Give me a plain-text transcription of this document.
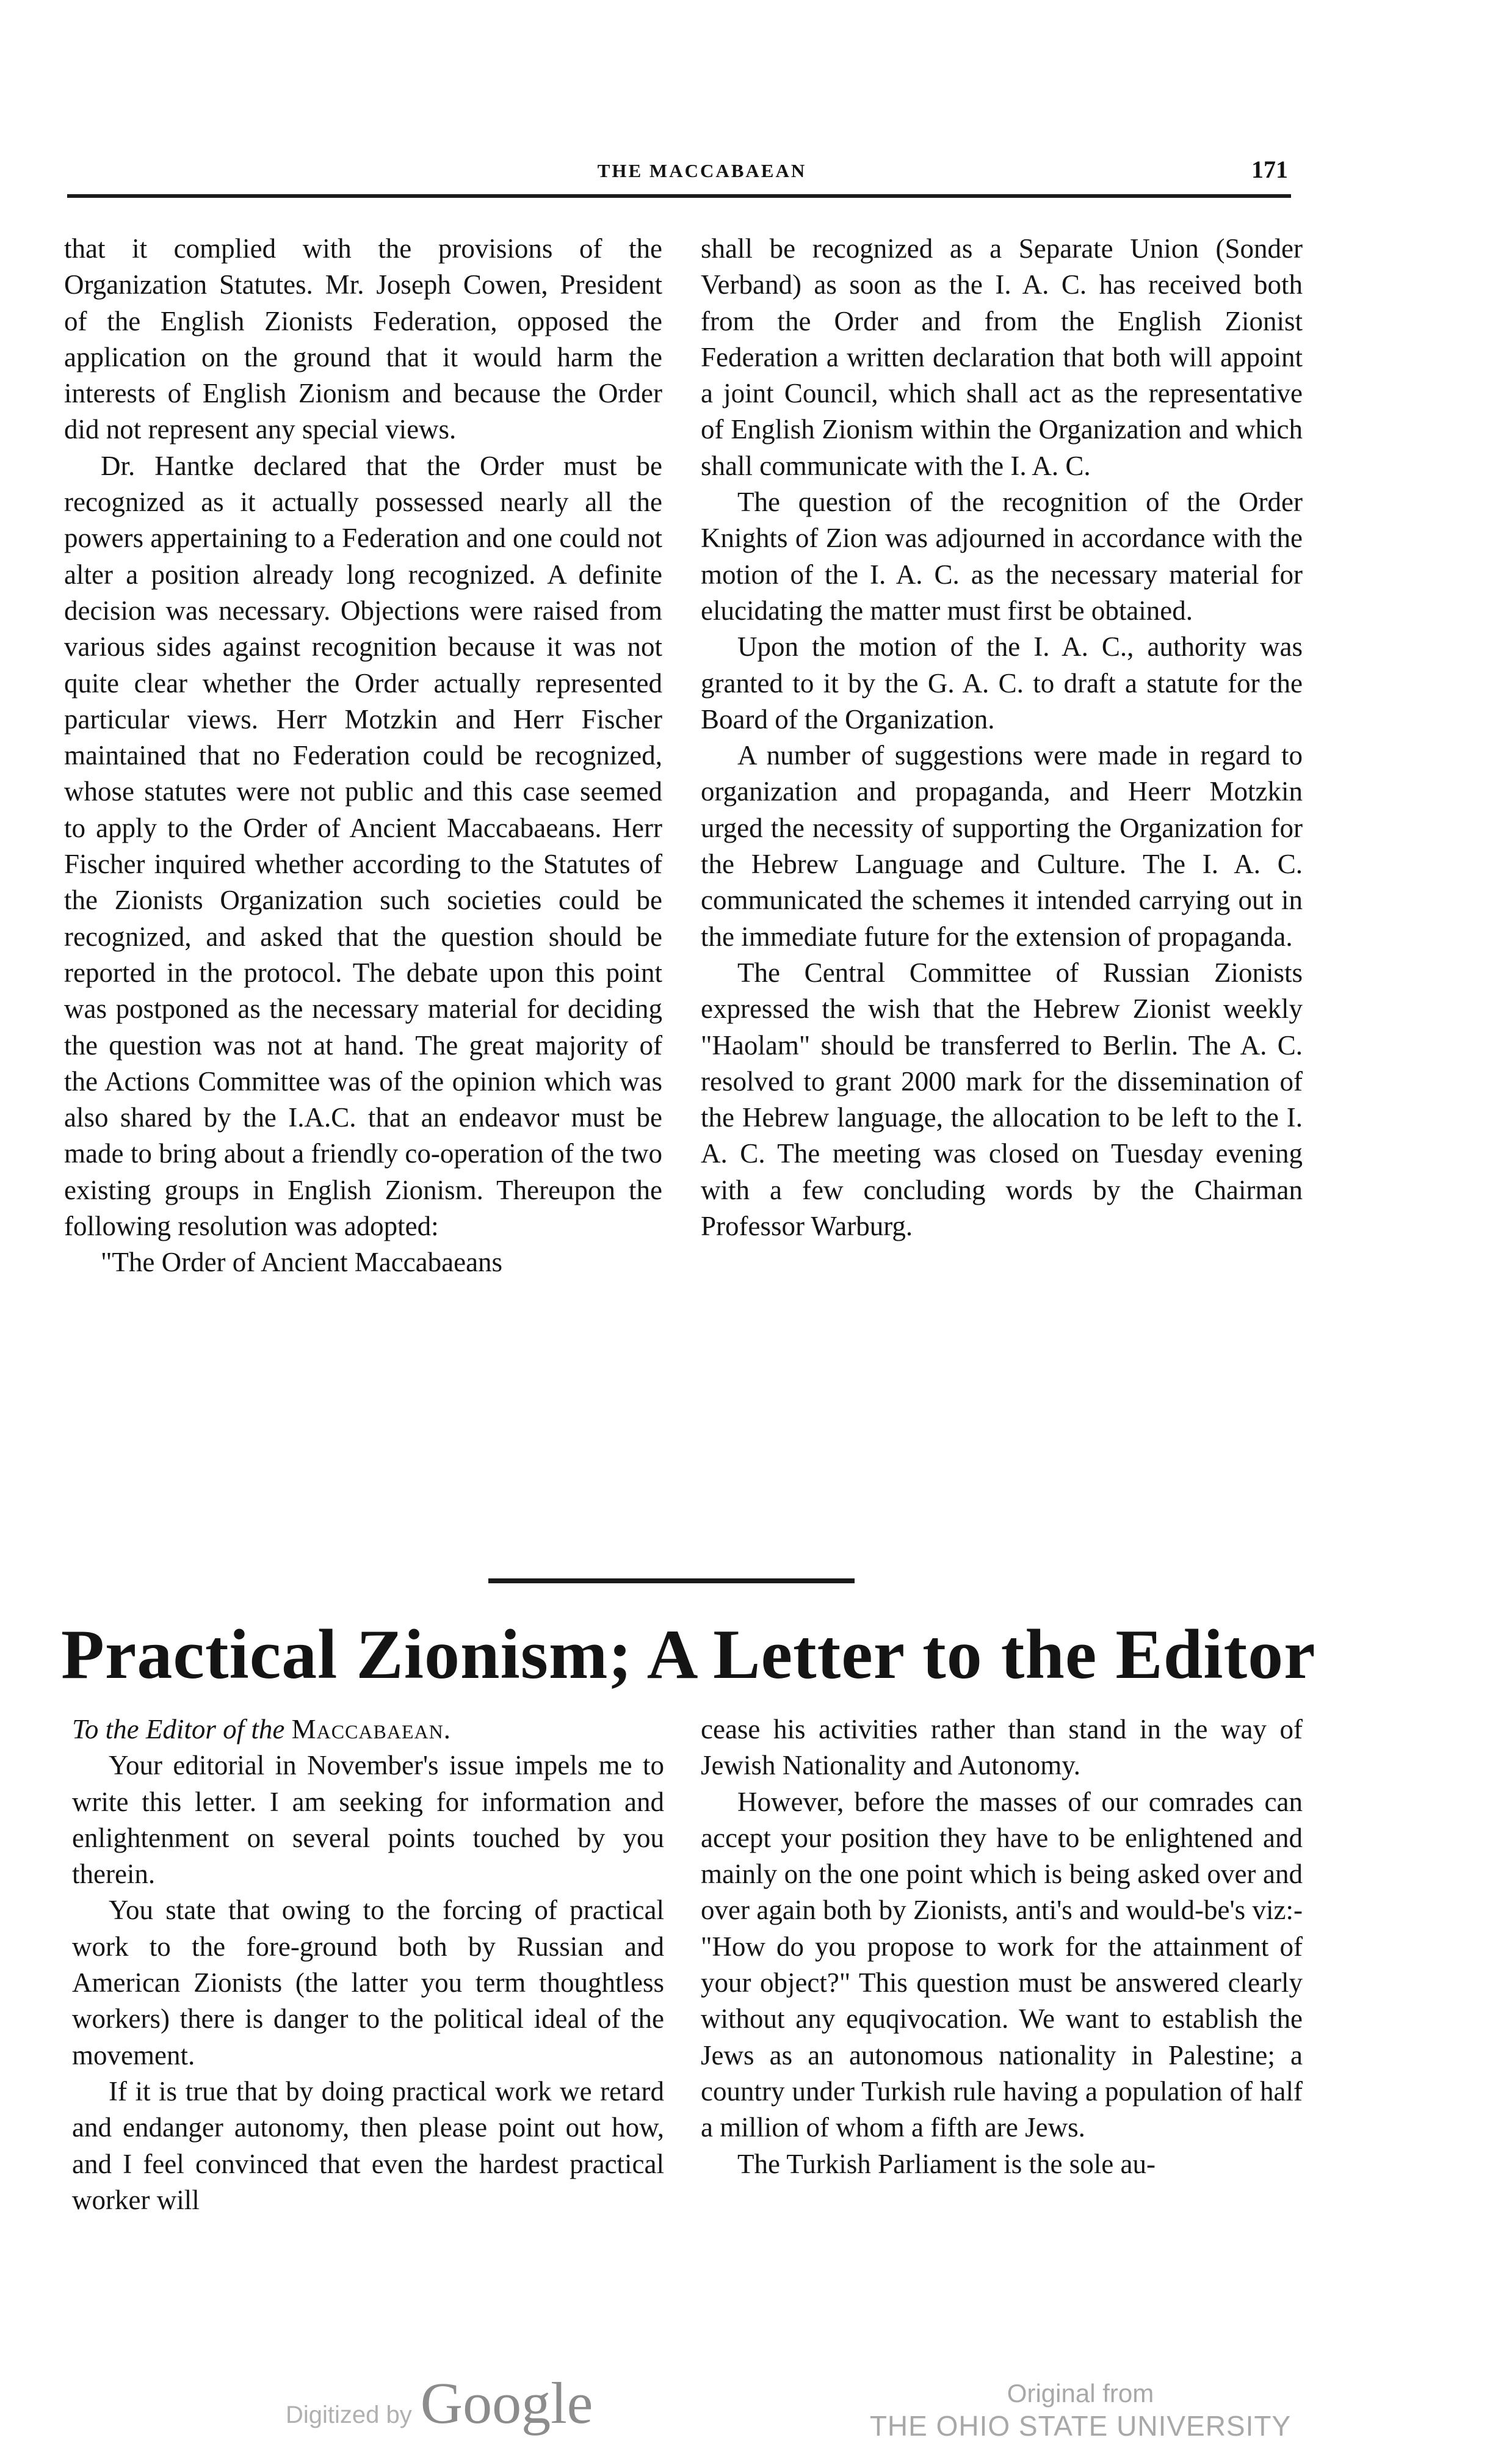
THE MACCABAEAN	171

that it complied with the provisions of the Organization Statutes. Mr. Joseph Cowen, President of the English Zionists Federation, opposed the application on the ground that it would harm the interests of English Zionism and because the Order did not represent any special views.

Dr. Hantke declared that the Order must be recognized as it actually possessed nearly all the powers appertaining to a Federation and one could not alter a position already long recognized. A definite decision was necessary. Objections were raised from various sides against recognition because it was not quite clear whether the Order actually represented particular views. Herr Motzkin and Herr Fischer maintained that no Federation could be recognized, whose statutes were not public and this case seemed to apply to the Order of Ancient Maccabaeans. Herr Fischer inquired whether according to the Statutes of the Zionists Organization such societies could be recognized, and asked that the question should be reported in the protocol. The debate upon this point was postponed as the necessary material for deciding the question was not at hand. The great majority of the Actions Committee was of the opinion which was also shared by the I.A.C. that an endeavor must be made to bring about a friendly co-operation of the two existing groups in English Zionism. Thereupon the following resolution was adopted:

"The Order of Ancient Maccabaeans

shall be recognized as a Separate Union (Sonder Verband) as soon as the I. A. C. has received both from the Order and from the English Zionist Federation a written declaration that both will appoint a joint Council, which shall act as the representative of English Zionism within the Organization and which shall communicate with the I. A. C.

The question of the recognition of the Order Knights of Zion was adjourned in accordance with the motion of the I. A. C. as the necessary material for elucidating the matter must first be obtained.

Upon the motion of the I. A. C., authority was granted to it by the G. A. C. to draft a statute for the Board of the Organization.

A number of suggestions were made in regard to organization and propaganda, and Heerr Motzkin urged the necessity of supporting the Organization for the Hebrew Language and Culture. The I. A. C. communicated the schemes it intended carrying out in the immediate future for the extension of propaganda.

The Central Committee of Russian Zionists expressed the wish that the Hebrew Zionist weekly "Haolam" should be transferred to Berlin. The A. C. resolved to grant 2000 mark for the dissemination of the Hebrew language, the allocation to be left to the I. A. C. The meeting was closed on Tuesday evening with a few concluding words by the Chairman Professor Warburg.

Practical Zionism; A Letter to the Editor

To the Editor of the Maccabaean.

Your editorial in November's issue impels me to write this letter. I am seeking for information and enlightenment on several points touched by you therein.

You state that owing to the forcing of practical work to the fore-ground both by Russian and American Zionists (the latter you term thoughtless workers) there is danger to the political ideal of the movement.

If it is true that by doing practical work we retard and endanger autonomy, then please point out how, and I feel convinced that even the hardest practical worker will

cease his activities rather than stand in the way of Jewish Nationality and Autonomy.

However, before the masses of our comrades can accept your position they have to be enlightened and mainly on the one point which is being asked over and over again both by Zionists, anti's and would-be's viz:- "How do you propose to work for the attainment of your object?" This question must be answered clearly without any equqivocation. We want to establish the Jews as an autonomous nationality in Palestine; a country under Turkish rule having a population of half a million of whom a fifth are Jews.

The Turkish Parliament is the sole au-

Digitized by Google	Original from
THE OHIO STATE UNIVERSITY
